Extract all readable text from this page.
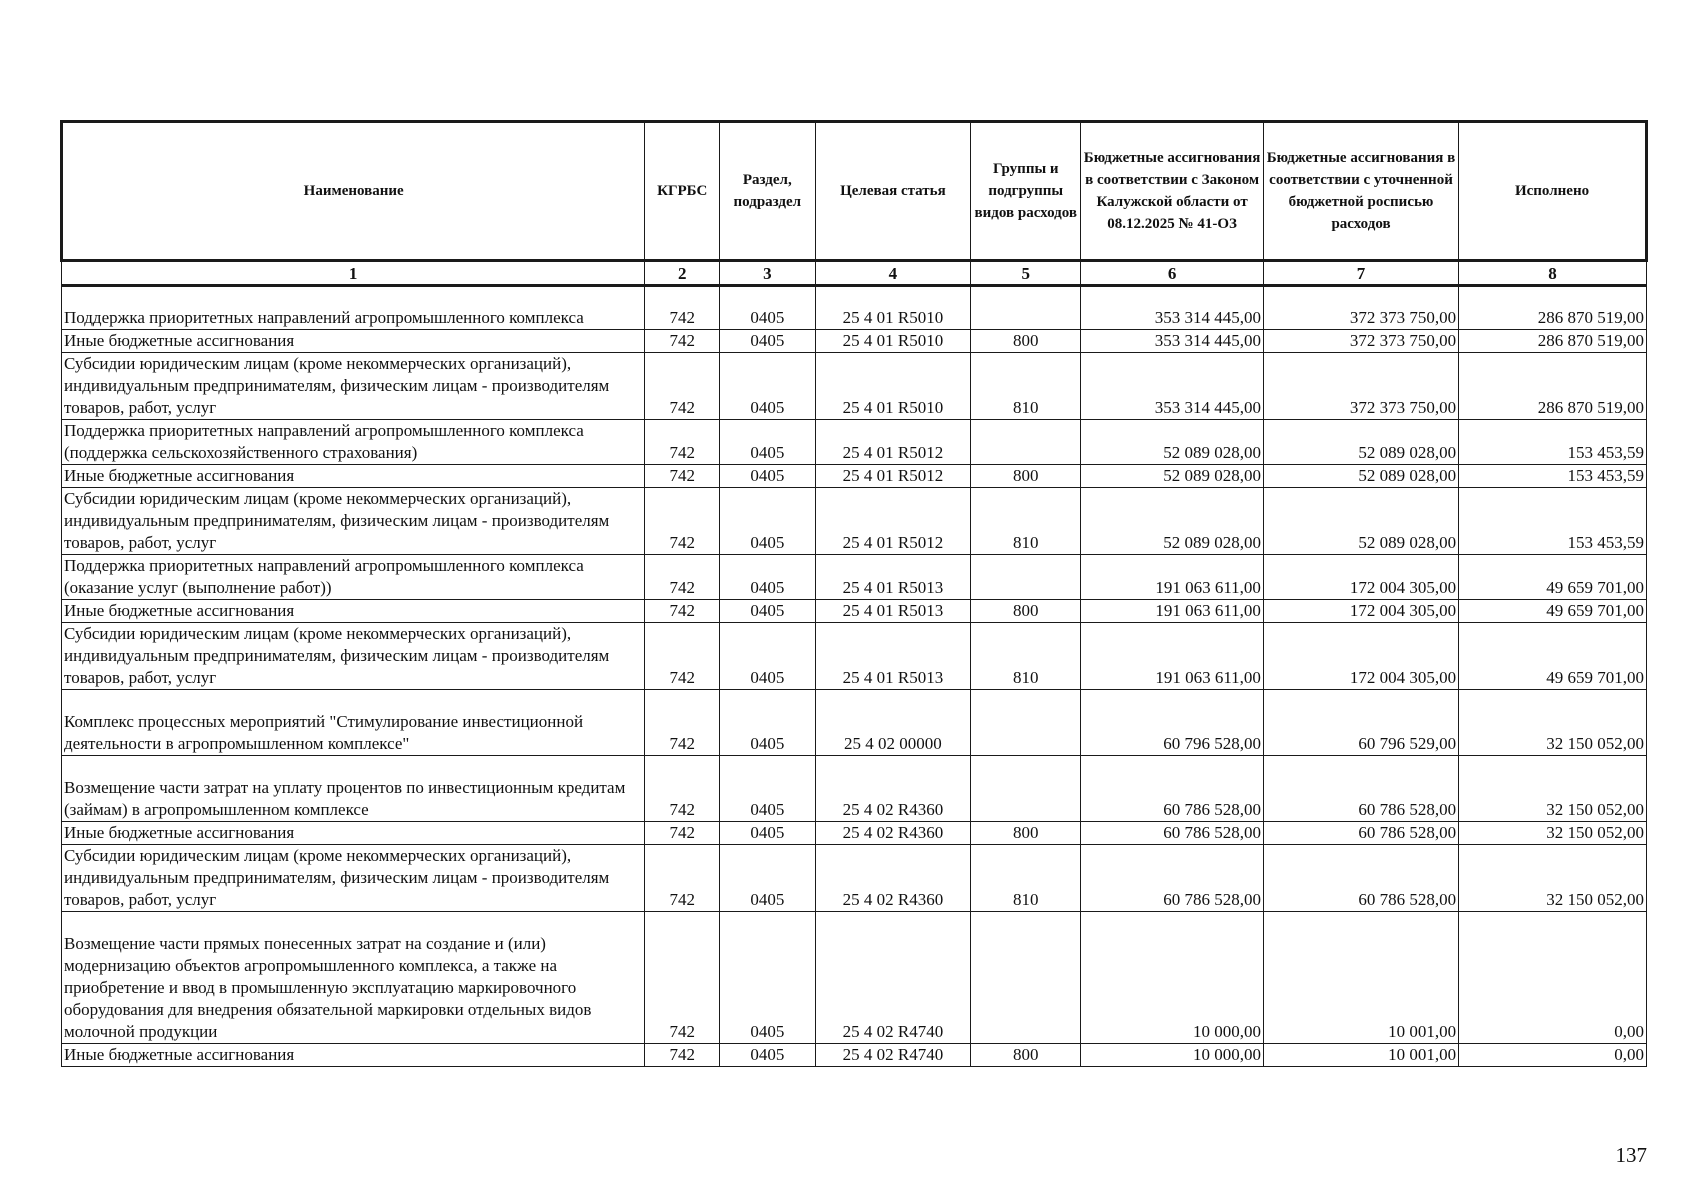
Наименование	КГРБС	Раздел, подраздел	Целевая статья	Группы и подгруппы видов расходов	Бюджетные ассигнования в соответствии с Законом Калужской области от 08.12.2025 № 41-ОЗ	Бюджетные ассигнования в соответствии с уточненной бюджетной росписью расходов	Исполнено
1	2	3	4	5	6	7	8
Поддержка приоритетных направлений агропромышленного комплекса	742	0405	25 4 01 R5010		353 314 445,00	372 373 750,00	286 870 519,00
Иные бюджетные ассигнования	742	0405	25 4 01 R5010	800	353 314 445,00	372 373 750,00	286 870 519,00
Субсидии юридическим лицам (кроме некоммерческих организаций), индивидуальным предпринимателям, физическим лицам - производителям товаров, работ, услуг	742	0405	25 4 01 R5010	810	353 314 445,00	372 373 750,00	286 870 519,00
Поддержка приоритетных направлений агропромышленного комплекса (поддержка сельскохозяйственного страхования)	742	0405	25 4 01 R5012		52 089 028,00	52 089 028,00	153 453,59
Иные бюджетные ассигнования	742	0405	25 4 01 R5012	800	52 089 028,00	52 089 028,00	153 453,59
Субсидии юридическим лицам (кроме некоммерческих организаций), индивидуальным предпринимателям, физическим лицам - производителям товаров, работ, услуг	742	0405	25 4 01 R5012	810	52 089 028,00	52 089 028,00	153 453,59
Поддержка приоритетных направлений агропромышленного комплекса (оказание услуг (выполнение работ))	742	0405	25 4 01 R5013		191 063 611,00	172 004 305,00	49 659 701,00
Иные бюджетные ассигнования	742	0405	25 4 01 R5013	800	191 063 611,00	172 004 305,00	49 659 701,00
Субсидии юридическим лицам (кроме некоммерческих организаций), индивидуальным предпринимателям, физическим лицам - производителям товаров, работ, услуг	742	0405	25 4 01 R5013	810	191 063 611,00	172 004 305,00	49 659 701,00
Комплекс процессных мероприятий "Стимулирование инвестиционной деятельности в агропромышленном комплексе"	742	0405	25 4 02 00000		60 796 528,00	60 796 529,00	32 150 052,00
Возмещение части затрат на уплату процентов по инвестиционным кредитам (займам) в агропромышленном комплексе	742	0405	25 4 02 R4360		60 786 528,00	60 786 528,00	32 150 052,00
Иные бюджетные ассигнования	742	0405	25 4 02 R4360	800	60 786 528,00	60 786 528,00	32 150 052,00
Субсидии юридическим лицам (кроме некоммерческих организаций), индивидуальным предпринимателям, физическим лицам - производителям товаров, работ, услуг	742	0405	25 4 02 R4360	810	60 786 528,00	60 786 528,00	32 150 052,00
Возмещение части прямых понесенных затрат на создание и (или) модернизацию объектов агропромышленного комплекса, а также на приобретение и ввод в промышленную эксплуатацию маркировочного оборудования для внедрения обязательной маркировки отдельных видов молочной продукции	742	0405	25 4 02 R4740		10 000,00	10 001,00	0,00
Иные бюджетные ассигнования	742	0405	25 4 02 R4740	800	10 000,00	10 001,00	0,00
137
